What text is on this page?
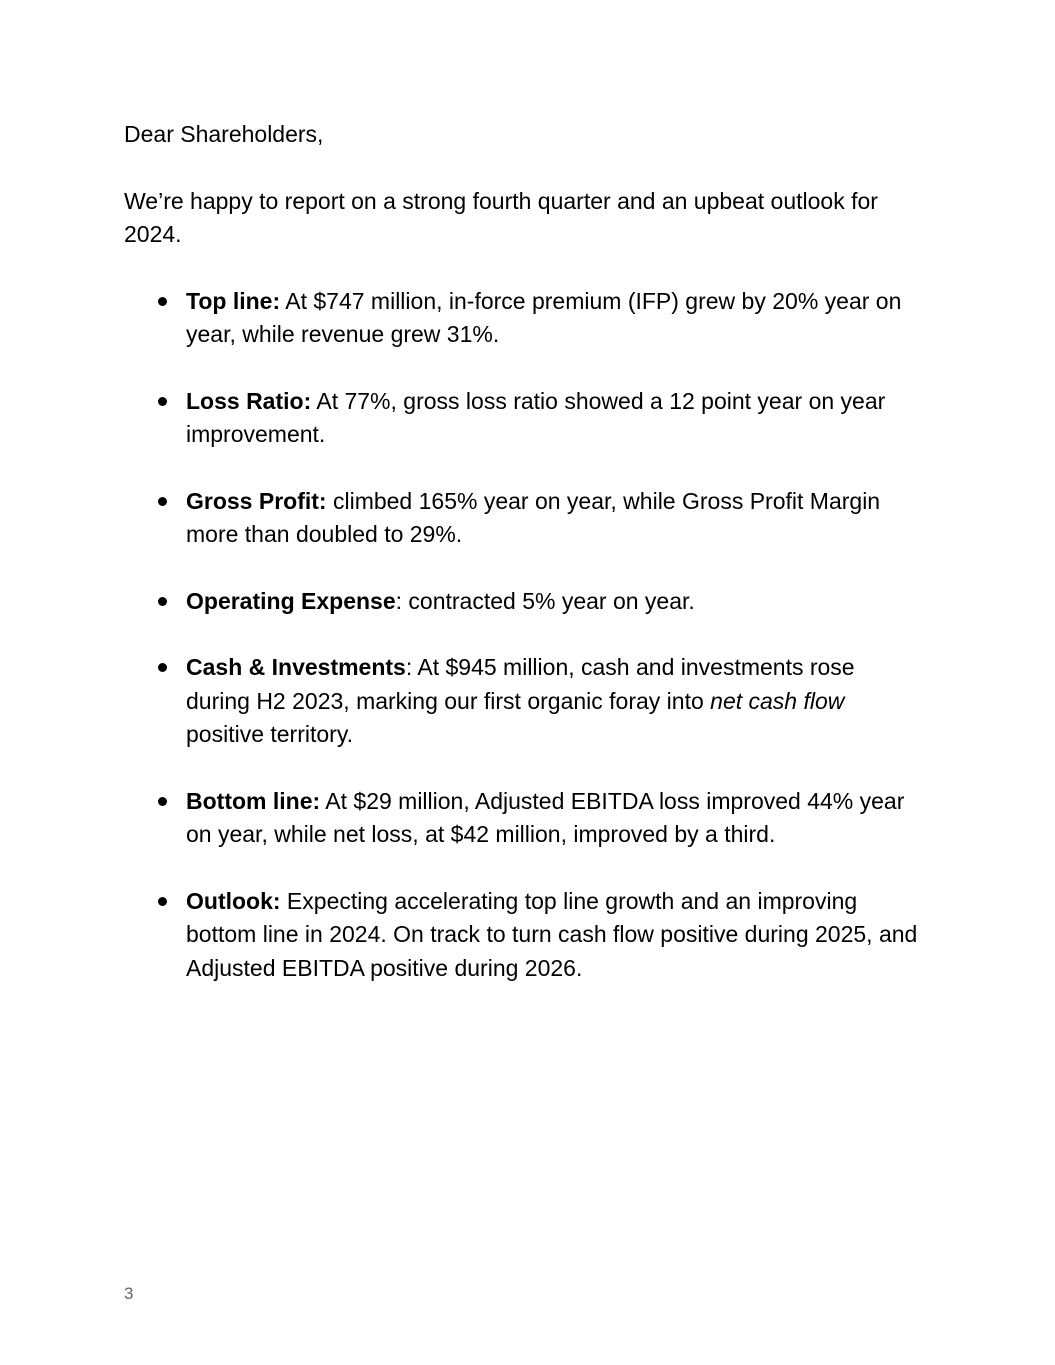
Dear Shareholders,

We’re happy to report on a strong fourth quarter and an upbeat outlook for 2024.

Top line: At $747 million, in-force premium (IFP) grew by 20% year on year, while revenue grew 31%.
Loss Ratio: At 77%, gross loss ratio showed a 12 point year on year improvement.
Gross Profit: climbed 165% year on year, while Gross Profit Margin more than doubled to 29%.
Operating Expense: contracted 5% year on year.
Cash & Investments: At $945 million, cash and investments rose during H2 2023, marking our first organic foray into net cash flow positive territory.
Bottom line: At $29 million, Adjusted EBITDA loss improved 44% year on year, while net loss, at $42 million, improved by a third.
Outlook: Expecting accelerating top line growth and an improving bottom line in 2024. On track to turn cash flow positive during 2025, and Adjusted EBITDA positive during 2026.
3
